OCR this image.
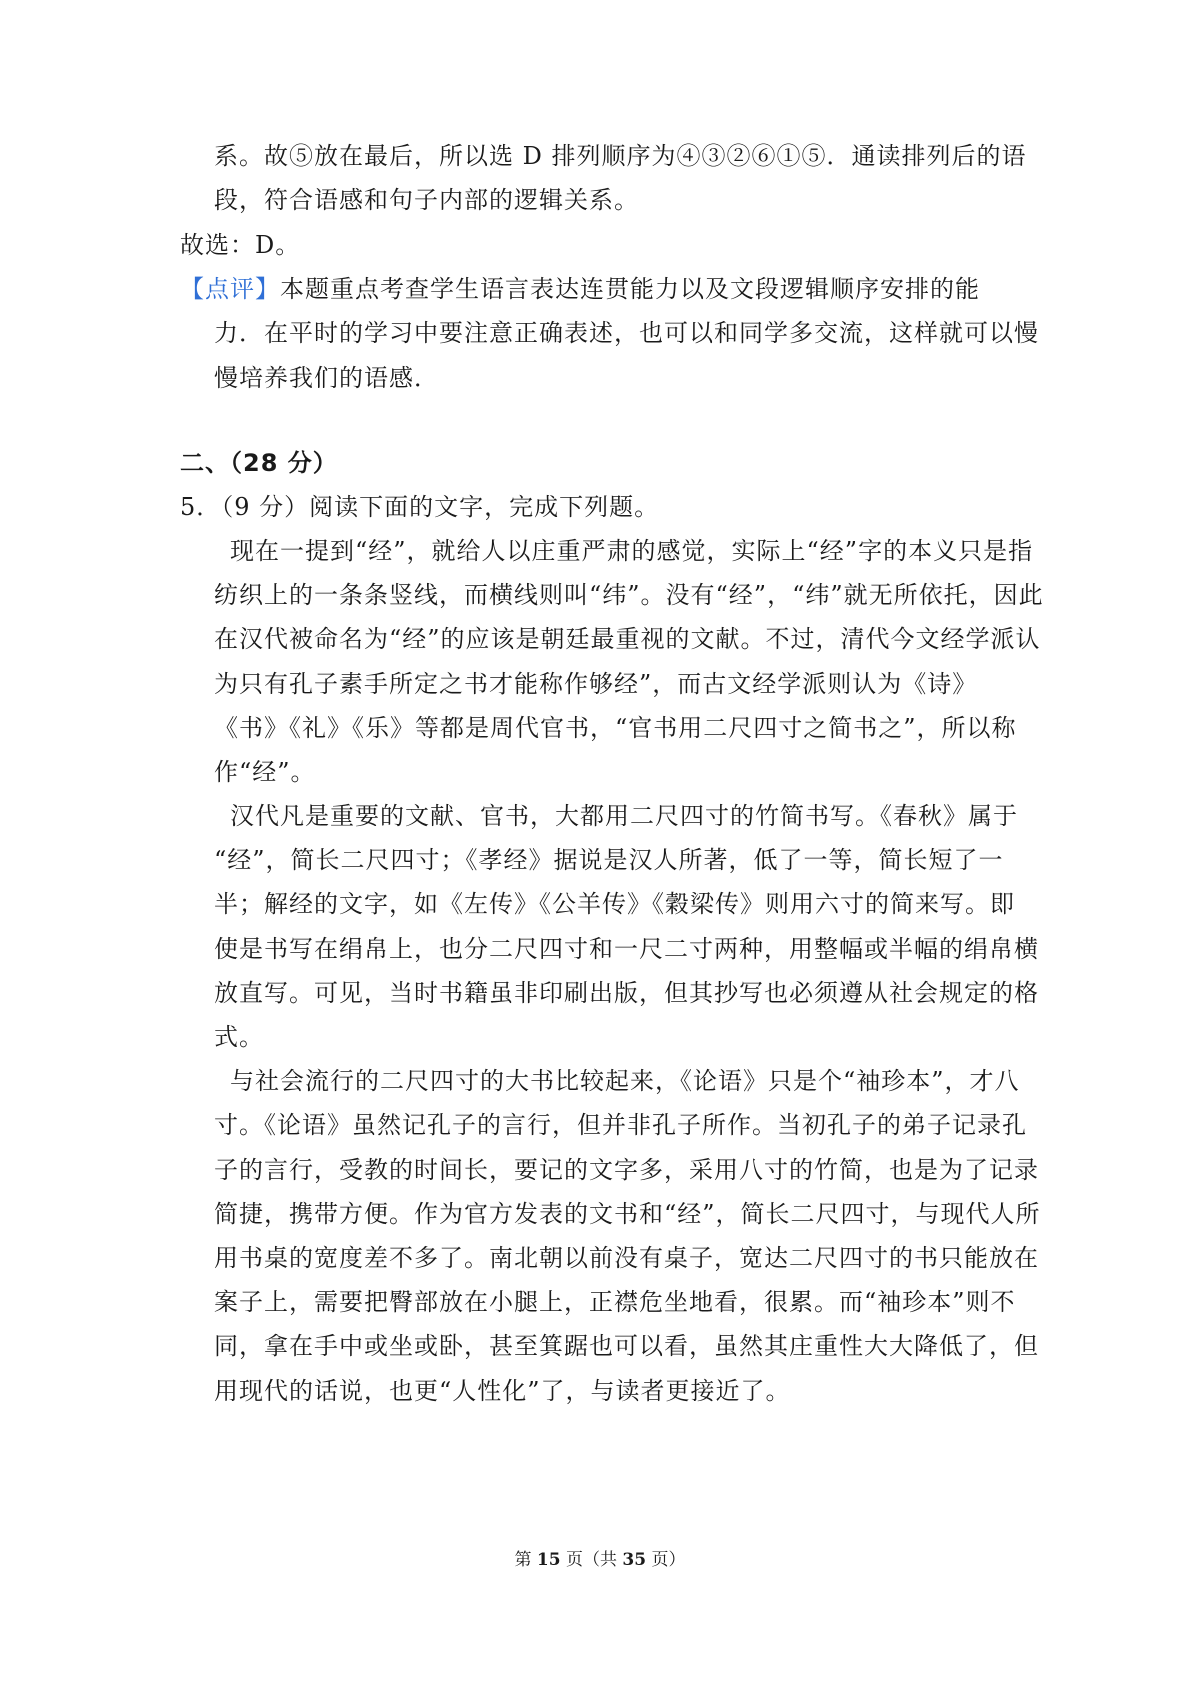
系。故⑤放在最后，所以选 D 排列顺序为④③②⑥①⑤．通读排列后的语
段，符合语感和句子内部的逻辑关系。
故选：D。
【点评】本题重点考查学生语言表达连贯能力以及文段逻辑顺序安排的能
力．在平时的学习中要注意正确表述，也可以和同学多交流，这样就可以慢
慢培养我们的语感．
二、（28 分）
5．（9 分）阅读下面的文字，完成下列题。
现在一提到“经”，就给人以庄重严肃的感觉，实际上“经”字的本义只是指
纺织上的一条条竖线，而横线则叫“纬”。没有“经”，“纬”就无所依托，因此
在汉代被命名为“经”的应该是朝廷最重视的文献。不过，清代今文经学派认
为只有孔子素手所定之书才能称作够经”，而古文经学派则认为《诗》
《书》《礼》《乐》等都是周代官书，“官书用二尺四寸之简书之”，所以称
作“经”。
汉代凡是重要的文献、官书，大都用二尺四寸的竹简书写。《春秋》属于
“经”，简长二尺四寸；《孝经》据说是汉人所著，低了一等，简长短了一
半；解经的文字，如《左传》《公羊传》《穀梁传》则用六寸的简来写。即
使是书写在绢帛上，也分二尺四寸和一尺二寸两种，用整幅或半幅的绢帛横
放直写。可见，当时书籍虽非印刷出版，但其抄写也必须遵从社会规定的格
式。
与社会流行的二尺四寸的大书比较起来，《论语》只是个“袖珍本”，才八
寸。《论语》虽然记孔子的言行，但并非孔子所作。当初孔子的弟子记录孔
子的言行，受教的时间长，要记的文字多，采用八寸的竹简，也是为了记录
简捷，携带方便。作为官方发表的文书和“经”，简长二尺四寸，与现代人所
用书桌的宽度差不多了。南北朝以前没有桌子，宽达二尺四寸的书只能放在
案子上，需要把臀部放在小腿上，正襟危坐地看，很累。而“袖珍本”则不
同，拿在手中或坐或卧，甚至箕踞也可以看，虽然其庄重性大大降低了，但
用现代的话说，也更“人性化”了，与读者更接近了。
第 15 页（共 35 页）
